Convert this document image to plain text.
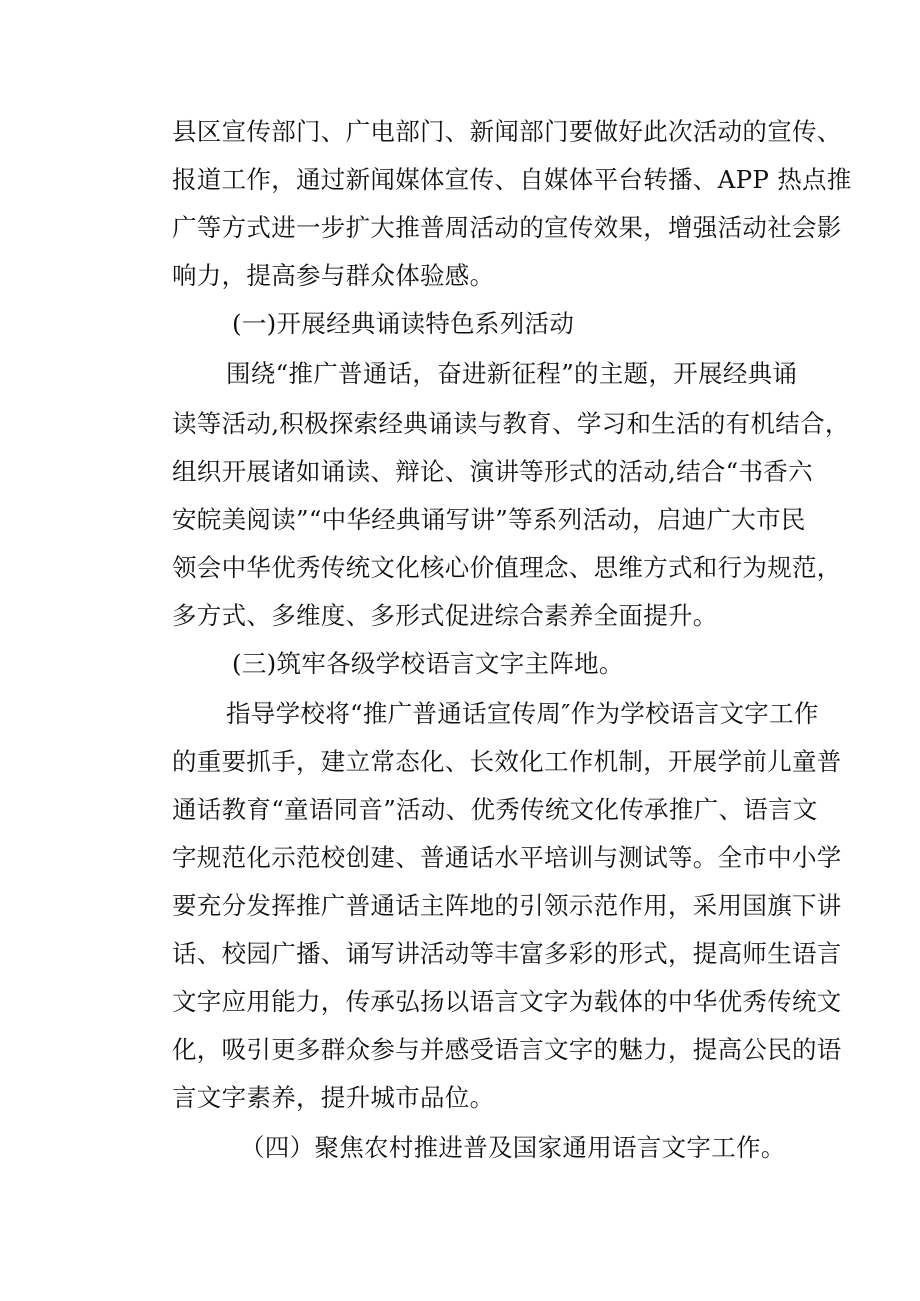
县区宣传部门、广电部门、新闻部门要做好此次活动的宣传、
报道工作，通过新闻媒体宣传、自媒体平台转播、APP 热点推
广等方式进一步扩大推普周活动的宣传效果，增强活动社会影
响力，提高参与群众体验感。
(一)开展经典诵读特色系列活动
围绕“推广普通话，奋进新征程”的主题，开展经典诵
读等活动,积极探索经典诵读与教育、学习和生活的有机结合，
组织开展诸如诵读、辩论、演讲等形式的活动,结合“书香六
安皖美阅读”“中华经典诵写讲”等系列活动，启迪广大市民
领会中华优秀传统文化核心价值理念、思维方式和行为规范，
多方式、多维度、多形式促进综合素养全面提升。
(三)筑牢各级学校语言文字主阵地。
指导学校将“推广普通话宣传周″作为学校语言文字工作
的重要抓手，建立常态化、长效化工作机制，开展学前儿童普
通话教育“童语同音”活动、优秀传统文化传承推广、语言文
字规范化示范校创建、普通话水平培训与测试等。全市中小学
要充分发挥推广普通话主阵地的引领示范作用，采用国旗下讲
话、校园广播、诵写讲活动等丰富多彩的形式，提高师生语言
文字应用能力，传承弘扬以语言文字为载体的中华优秀传统文
化，吸引更多群众参与并感受语言文字的魅力，提高公民的语
言文字素养，提升城市品位。
（四）聚焦农村推进普及国家通用语言文字工作。
